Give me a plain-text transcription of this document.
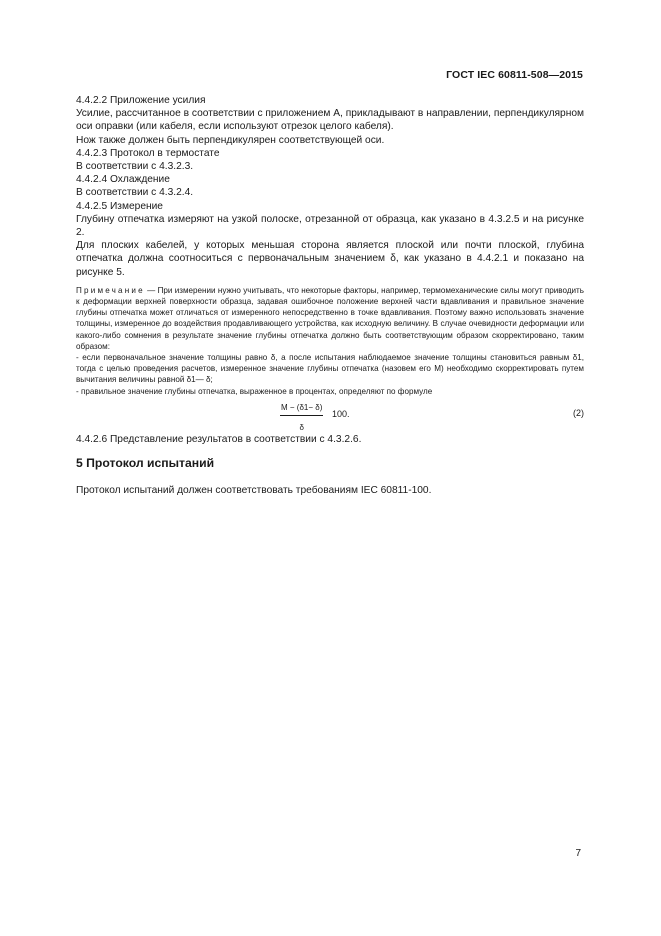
ГОСТ IEC 60811-508—2015

4.4.2.2 Приложение усилия

Усилие, рассчитанное в соответствии с приложением А, прикладывают в направлении, перпендикулярном оси оправки (или кабеля, если используют отрезок целого кабеля).

Нож также должен быть перпендикулярен соответствующей оси.

4.4.2.3 Протокол в термостате

В соответствии с 4.3.2.3.

4.4.2.4 Охлаждение

В соответствии с 4.3.2.4.

4.4.2.5 Измерение

Глубину отпечатка измеряют на узкой полоске, отрезанной от образца, как указано в 4.3.2.5 и на рисунке 2.

Для плоских кабелей, у которых меньшая сторона является плоской или почти плоской, глубина отпечатка должна соотноситься с первоначальным значением δ, как указано в 4.4.2.1 и показано на рисунке 5.

Примечание — При измерении нужно учитывать, что некоторые факторы, например, термомеханические силы могут приводить к деформации верхней поверхности образца, задавая ошибочное положение верхней части вдавливания и правильное значение глубины отпечатка может отличаться от измеренного непосредственно в точке вдавливания. Поэтому важно использовать значение толщины, измеренное до воздействия продавливающего устройства, как исходную величину. В случае очевидности деформации или какого-либо сомнения в результате значение глубины отпечатка должно быть соответствующим образом скорректировано, таким образом:

- если первоначальное значение толщины равно δ, а после испытания наблюдаемое значение толщины становиться равным δ1, тогда с целью проведения расчетов, измеренное значение глубины отпечатка (назовем его M) необходимо скорректировать путем вычитания величины равной δ1— δ;

- правильное значение глубины отпечатка, выраженное в процентах, определяют по формуле

$\frac{M - (\delta 1- \delta)}{\delta} 100$.	(2)

4.4.2.6 Представление результатов в соответствии с 4.3.2.6.

5 Протокол испытаний

Протокол испытаний должен соответствовать требованиям IEC 60811-100.

7
